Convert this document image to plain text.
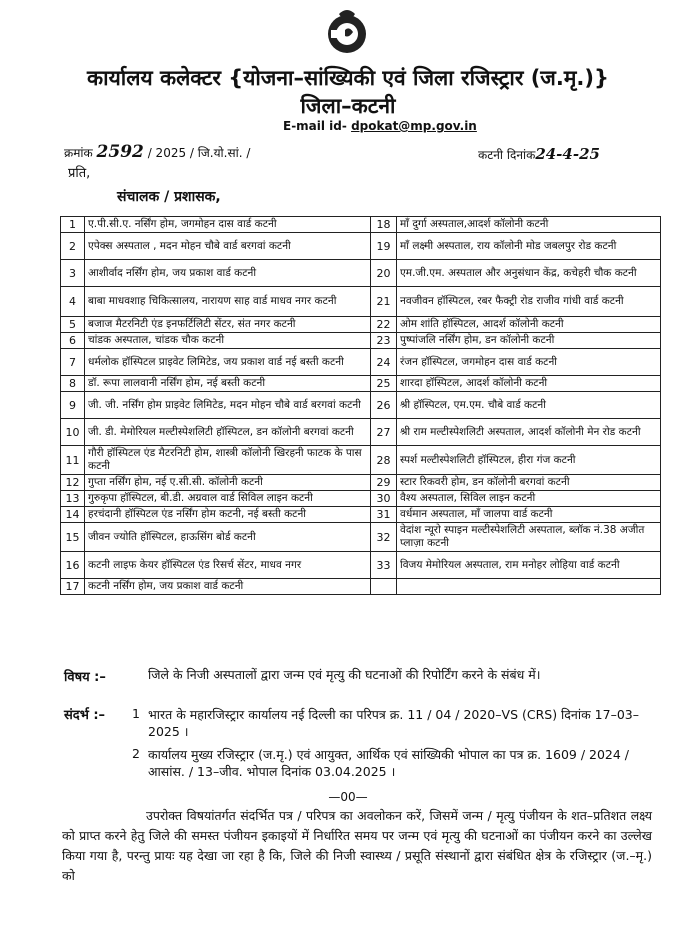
कार्यालय कलेक्टर {योजना–सांख्यिकी एवं जिला रजिस्ट्रार (ज.मृ.)}
जिला–कटनी
E-mail id- dpokat@mp.gov.in
क्रमांक 2592 / 2025 / जि.यो.सां. /	कटनी दिनांक24-4-25
प्रति,
संचालक / प्रशासक,
1	ए.पी.सी.ए. नर्सिंग होम, जगमोहन दास वार्ड कटनी	18	माँ दुर्गा अस्पताल,आदर्श कॉलोनी कटनी
2	एपेक्स अस्पताल , मदन मोहन चौबे वार्ड बरगवां कटनी	19	माँ लक्ष्मी अस्पताल, राय कॉलोनी मोड जबलपुर रोड कटनी
3	आशीर्वाद नर्सिंग होम, जय प्रकाश वार्ड कटनी	20	एम.जी.एम. अस्पताल और अनुसंधान केंद्र, कचेहरी चौक कटनी
4	बाबा माधवशाह चिकित्सालय, नारायण साह वार्ड माधव नगर कटनी	21	नवजीवन हॉस्पिटल, रबर फैक्ट्री रोड राजीव गांधी वार्ड कटनी
5	बजाज मैटरनिटी एंड इनफर्टिलिटी सेंटर, संत नगर कटनी	22	ओम शांति हॉस्पिटल, आदर्श कॉलोनी कटनी
6	चांडक अस्पताल, चांडक चौक कटनी	23	पुष्पांजलि नर्सिंग होम, डन कॉलोनी कटनी
7	धर्मलोक हॉस्पिटल प्राइवेट लिमिटेड, जय प्रकाश वार्ड नई बस्ती कटनी	24	रंजन हॉस्पिटल, जगमोहन दास वार्ड कटनी
8	डॉ. रूपा लालवानी नर्सिंग होम, नई बस्ती कटनी	25	शारदा हॉस्पिटल, आदर्श कॉलोनी कटनी
9	जी. जी. नर्सिंग होम प्राइवेट लिमिटेड, मदन मोहन चौबे वार्ड बरगवां कटनी	26	श्री हॉस्पिटल, एम.एम. चौबे वार्ड कटनी
10	जी. डी. मेमोरियल मल्टीस्पेशलिटी हॉस्पिटल, डन कॉलोनी बरगवां कटनी	27	श्री राम मल्टीस्पेशलिटी अस्पताल, आदर्श कॉलोनी मेन रोड कटनी
11	गौरी हॉस्पिटल एंड मैटरनिटी होम, शास्त्री कॉलोनी खिरहनी फाटक के पास कटनी	28	स्पर्श मल्टीस्पेशलिटी हॉस्पिटल, हीरा गंज कटनी
12	गुप्ता नर्सिंग होम, नई ए.सी.सी. कॉलोनी कटनी	29	स्टार रिकवरी होम, डन कॉलोनी बरगवां कटनी
13	गुरुकृपा हॉस्पिटल, बी.डी. अग्रवाल वार्ड सिविल लाइन कटनी	30	वैश्य अस्पताल, सिविल लाइन कटनी
14	हरचंदानी हॉस्पिटल एंड नर्सिंग होम कटनी, नई बस्ती कटनी	31	वर्धमान अस्पताल, माँ जालपा वार्ड कटनी
15	जीवन ज्योति हॉस्पिटल, हाऊसिंग बोर्ड कटनी	32	वेदांश न्यूरो स्पाइन मल्टीस्पेशलिटी अस्पताल, ब्लॉक नं.38 अजीत प्लाज़ा कटनी
16	कटनी लाइफ केयर हॉस्पिटल एंड रिसर्च सेंटर, माधव नगर	33	विजय मेमोरियल अस्पताल, राम मनोहर लोहिया वार्ड कटनी
17	कटनी नर्सिंग होम, जय प्रकाश वार्ड कटनी		
विषय :–	जिले के निजी अस्पतालों द्वारा जन्म एवं मृत्यु की घटनाओं की रिपोर्टिंग करने के संबंध में।
संदर्भ :– 1 भारत के महारजिस्ट्रार कार्यालय नई दिल्ली का परिपत्र क्र. 11 / 04 / 2020–VS (CRS) दिनांक 17–03–2025 ।
2 कार्यालय मुख्य रजिस्ट्रार (ज.मृ.) एवं आयुक्त, आर्थिक एवं सांख्यिकी भोपाल का पत्र क्र. 1609 / 2024 / आसांस. / 13–जीव. भोपाल दिनांक 03.04.2025 ।
—00—
उपरोक्त विषयांतर्गत संदर्भित पत्र / परिपत्र का अवलोकन करें, जिसमें जन्म / मृत्यु पंजीयन के शत–प्रतिशत लक्ष्य को प्राप्त करने हेतु जिले की समस्त पंजीयन इकाइयों में निर्धारित समय पर जन्म एवं मृत्यु की घटनाओं का पंजीयन करने का उल्लेख किया गया है, परन्तु प्रायः यह देखा जा रहा है कि, जिले की निजी स्वास्थ्य / प्रसूति संस्थानों द्वारा संबंधित क्षेत्र के रजिस्ट्रार (ज.–मृ.) को
